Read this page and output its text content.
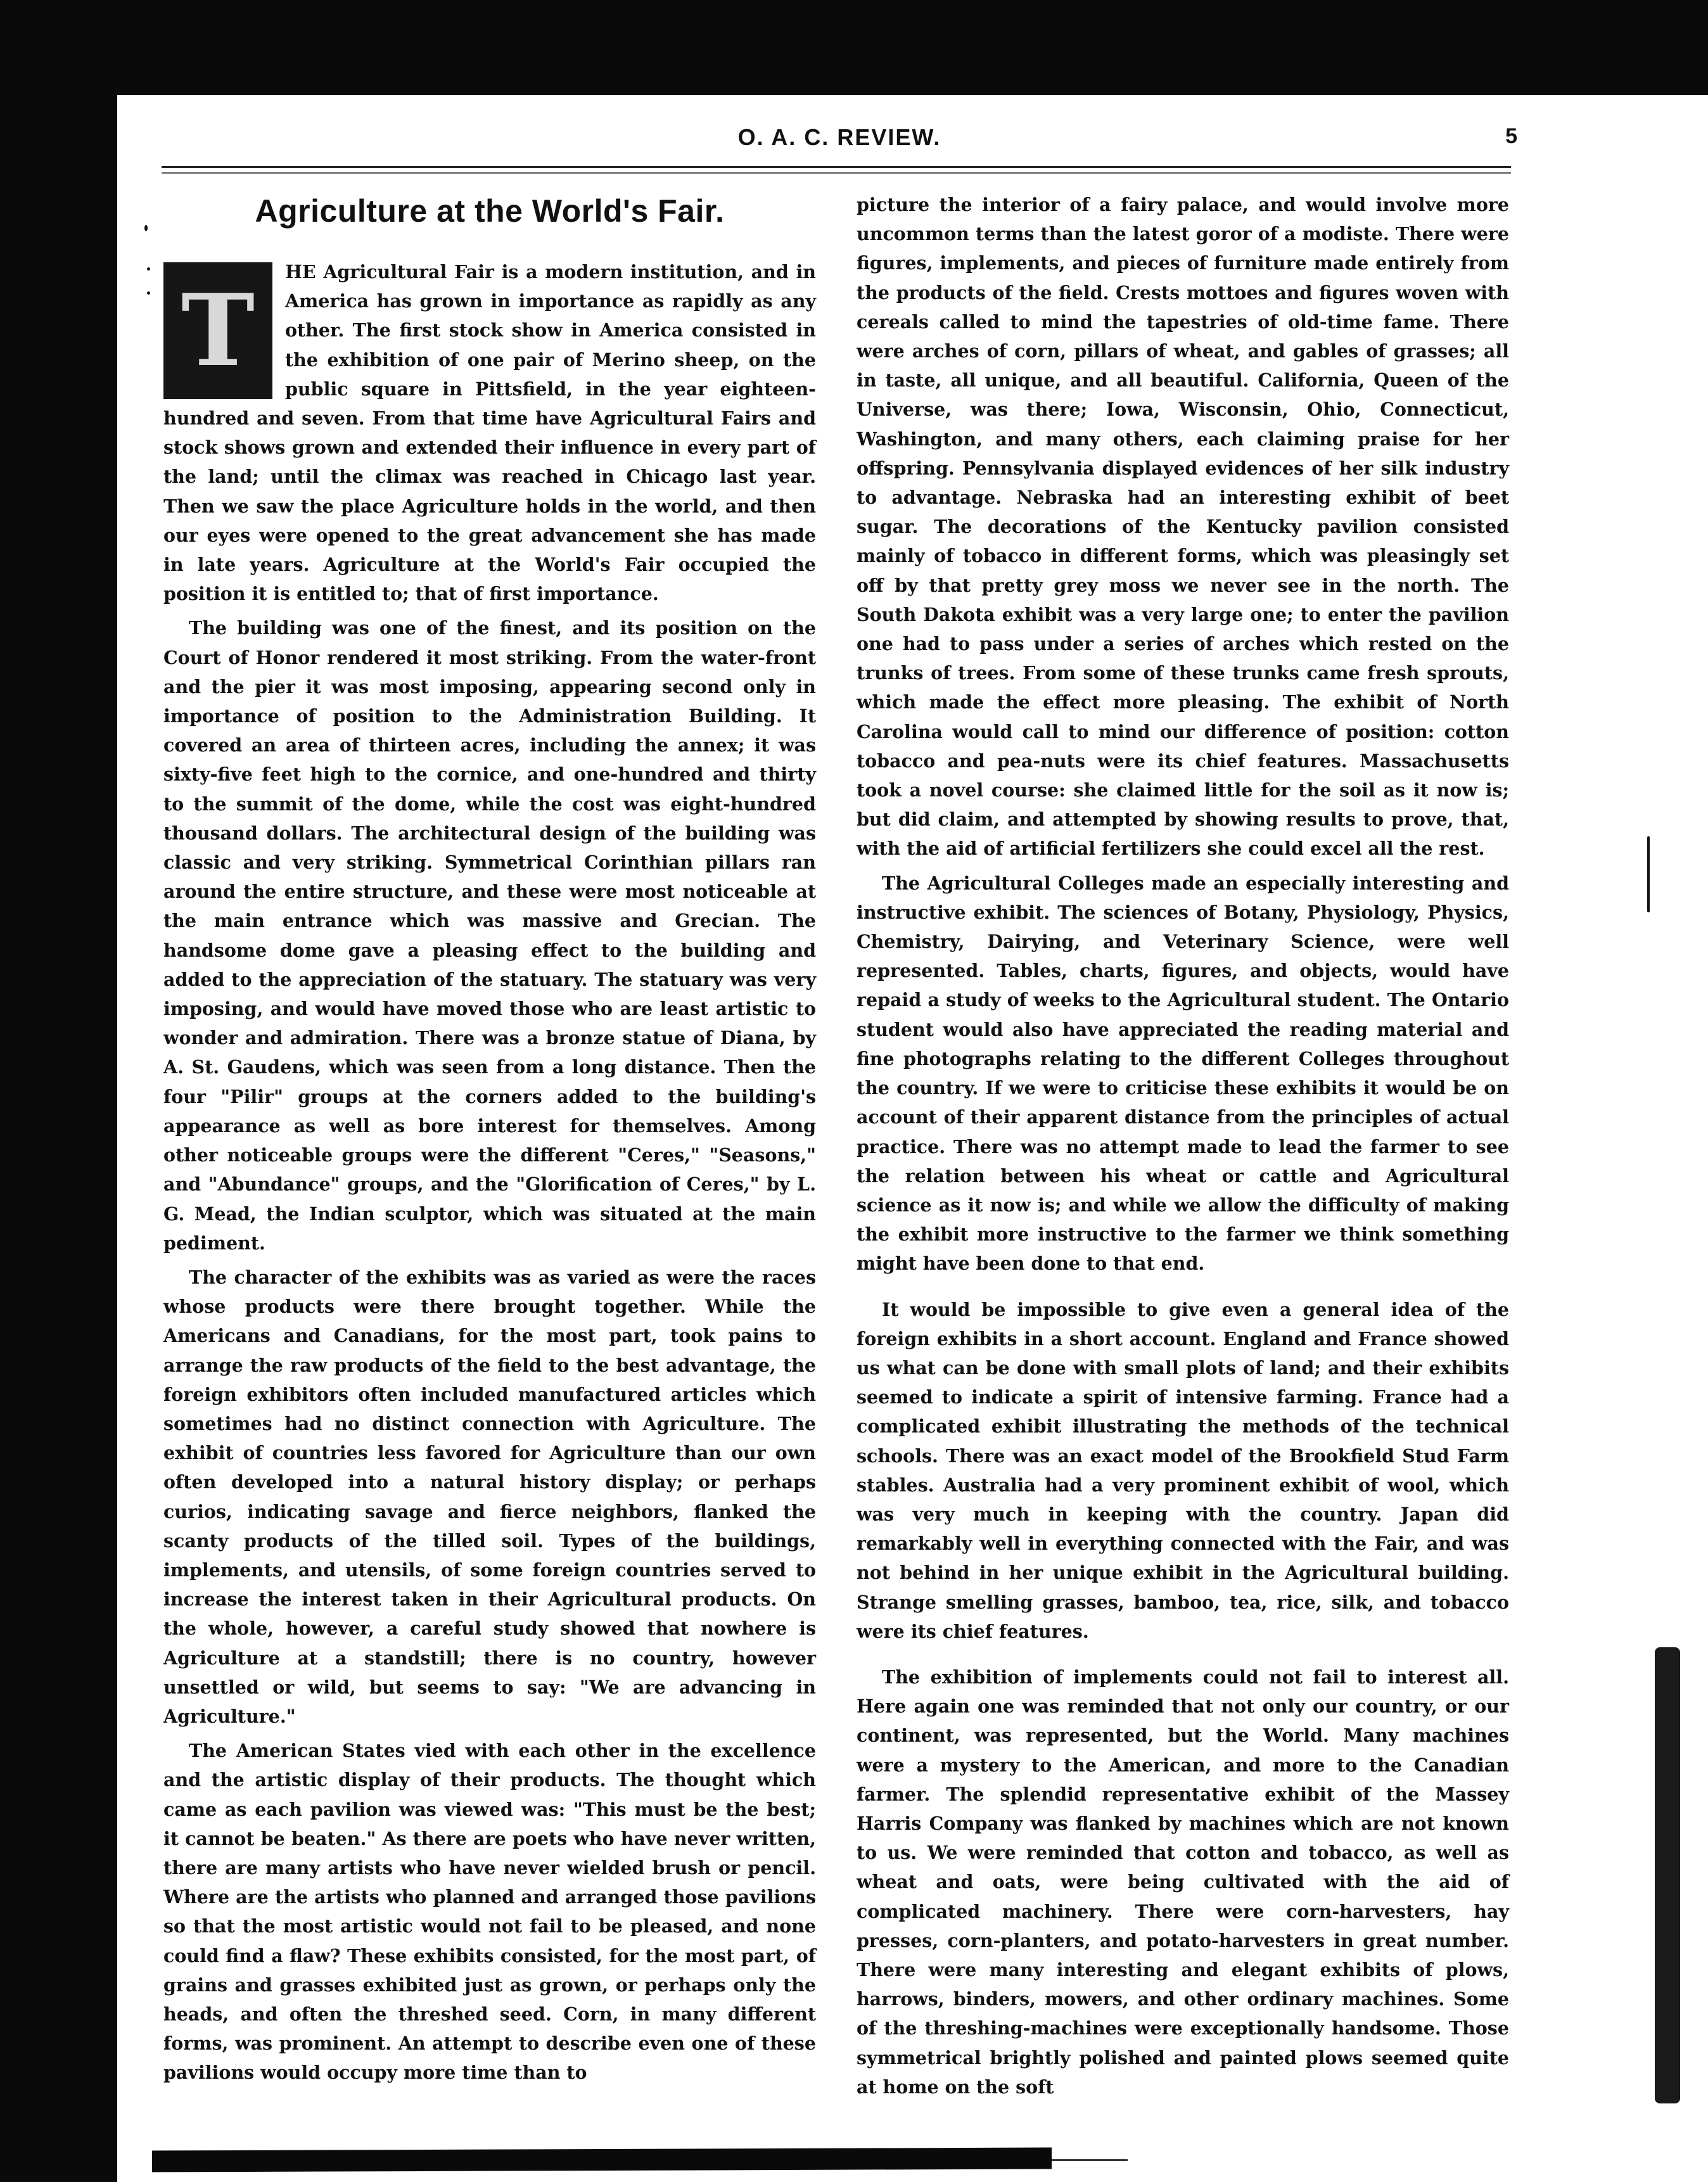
O. A. C. REVIEW.	5
Agriculture at the World's Fair.
T

HE Agricultural Fair is a modern institution, and in America has grown in importance as rapidly as any other. The first stock show in America consisted in the exhibition of one pair of Merino sheep, on the public square in Pittsfield, in the year eighteen-hundred and seven. From that time have Agricultural Fairs and stock shows grown and extended their influence in every part of the land; until the climax was reached in Chicago last year. Then we saw the place Agriculture holds in the world, and then our eyes were opened to the great advancement she has made in late years. Agriculture at the World's Fair occupied the position it is entitled to; that of first importance.

The building was one of the finest, and its position on the Court of Honor rendered it most striking. From the water-front and the pier it was most imposing, appearing second only in importance of position to the Administration Building. It covered an area of thirteen acres, including the annex; it was sixty-five feet high to the cornice, and one-hundred and thirty to the summit of the dome, while the cost was eight-hundred thousand dollars. The architectural design of the building was classic and very striking. Symmetrical Corinthian pillars ran around the entire structure, and these were most noticeable at the main entrance which was massive and Grecian. The handsome dome gave a pleasing effect to the building and added to the appreciation of the statuary. The statuary was very imposing, and would have moved those who are least artistic to wonder and admiration. There was a bronze statue of Diana, by A. St. Gaudens, which was seen from a long distance. Then the four "Pilir" groups at the corners added to the building's appearance as well as bore interest for themselves. Among other noticeable groups were the different "Ceres," "Seasons," and "Abundance" groups, and the "Glorification of Ceres," by L. G. Mead, the Indian sculptor, which was situated at the main pediment.

The character of the exhibits was as varied as were the races whose products were there brought together. While the Americans and Canadians, for the most part, took pains to arrange the raw products of the field to the best advantage, the foreign exhibitors often included manufactured articles which sometimes had no distinct connection with Agriculture. The exhibit of countries less favored for Agriculture than our own often developed into a natural history display; or perhaps curios, indicating savage and fierce neighbors, flanked the scanty products of the tilled soil. Types of the buildings, implements, and utensils, of some foreign countries served to increase the interest taken in their Agricultural products. On the whole, however, a careful study showed that nowhere is Agriculture at a standstill; there is no country, however unsettled or wild, but seems to say: "We are advancing in Agriculture."

The American States vied with each other in the excellence and the artistic display of their products. The thought which came as each pavilion was viewed was: "This must be the best; it cannot be beaten." As there are poets who have never written, there are many artists who have never wielded brush or pencil. Where are the artists who planned and arranged those pavilions so that the most artistic would not fail to be pleased, and none could find a flaw? These exhibits consisted, for the most part, of grains and grasses exhibited just as grown, or perhaps only the heads, and often the threshed seed. Corn, in many different forms, was prominent. An attempt to describe even one of these pavilions would occupy more time than to

picture the interior of a fairy palace, and would involve more uncommon terms than the latest goror of a modiste. There were figures, implements, and pieces of furniture made entirely from the products of the field. Crests mottoes and figures woven with cereals called to mind the tapestries of old-time fame. There were arches of corn, pillars of wheat, and gables of grasses; all in taste, all unique, and all beautiful. California, Queen of the Universe, was there; Iowa, Wisconsin, Ohio, Connecticut, Washington, and many others, each claiming praise for her offspring. Pennsylvania displayed evidences of her silk industry to advantage. Nebraska had an interesting exhibit of beet sugar. The decorations of the Kentucky pavilion consisted mainly of tobacco in different forms, which was pleasingly set off by that pretty grey moss we never see in the north. The South Dakota exhibit was a very large one; to enter the pavilion one had to pass under a series of arches which rested on the trunks of trees. From some of these trunks came fresh sprouts, which made the effect more pleasing. The exhibit of North Carolina would call to mind our difference of position: cotton tobacco and pea-nuts were its chief features. Massachusetts took a novel course: she claimed little for the soil as it now is; but did claim, and attempted by showing results to prove, that, with the aid of artificial fertilizers she could excel all the rest.

The Agricultural Colleges made an especially interesting and instructive exhibit. The sciences of Botany, Physiology, Physics, Chemistry, Dairying, and Veterinary Science, were well represented. Tables, charts, figures, and objects, would have repaid a study of weeks to the Agricultural student. The Ontario student would also have appreciated the reading material and fine photographs relating to the different Colleges throughout the country. If we were to criticise these exhibits it would be on account of their apparent distance from the principles of actual practice. There was no attempt made to lead the farmer to see the relation between his wheat or cattle and Agricultural science as it now is; and while we allow the difficulty of making the exhibit more instructive to the farmer we think something might have been done to that end.

It would be impossible to give even a general idea of the foreign exhibits in a short account. England and France showed us what can be done with small plots of land; and their exhibits seemed to indicate a spirit of intensive farming. France had a complicated exhibit illustrating the methods of the technical schools. There was an exact model of the Brookfield Stud Farm stables. Australia had a very prominent exhibit of wool, which was very much in keeping with the country. Japan did remarkably well in everything connected with the Fair, and was not behind in her unique exhibit in the Agricultural building. Strange smelling grasses, bamboo, tea, rice, silk, and tobacco were its chief features.

The exhibition of implements could not fail to interest all. Here again one was reminded that not only our country, or our continent, was represented, but the World. Many machines were a mystery to the American, and more to the Canadian farmer. The splendid representative exhibit of the Massey Harris Company was flanked by machines which are not known to us. We were reminded that cotton and tobacco, as well as wheat and oats, were being cultivated with the aid of complicated machinery. There were corn-harvesters, hay presses, corn-planters, and potato-harvesters in great number. There were many interesting and elegant exhibits of plows, harrows, binders, mowers, and other ordinary machines. Some of the threshing-machines were exceptionally handsome. Those symmetrical brightly polished and painted plows seemed quite at home on the soft
